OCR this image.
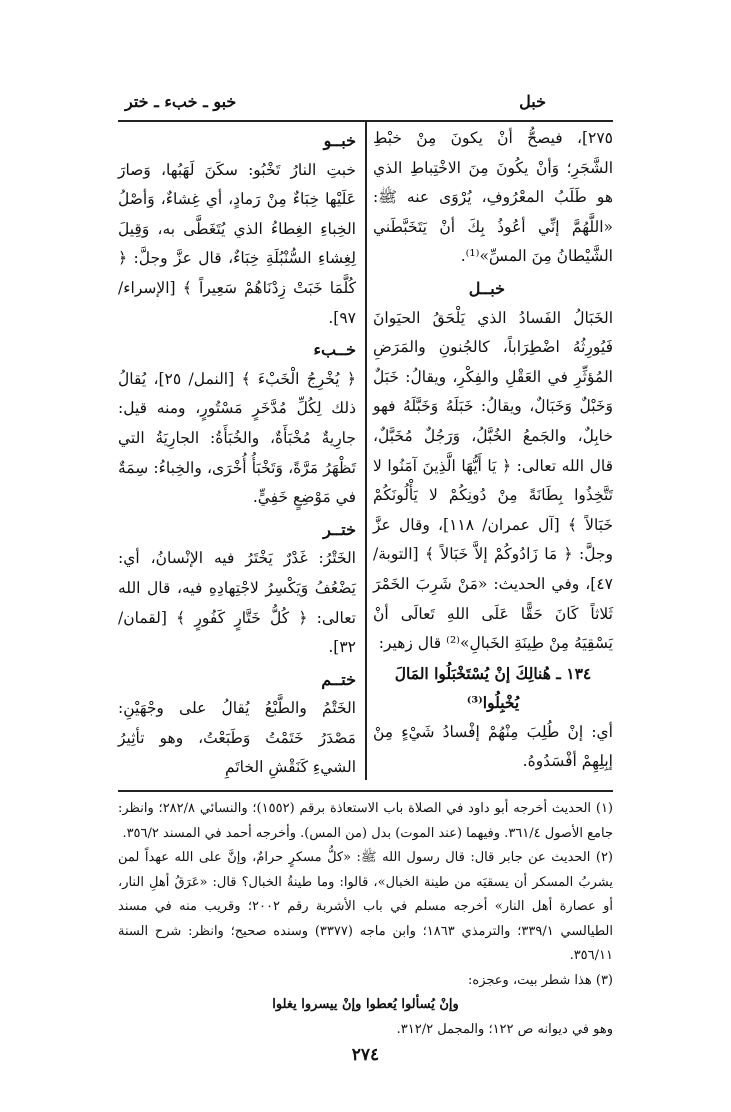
خبل
خبو ـ خبء ـ ختر

٢٧٥]، فيصحُّ أنْ يكونَ مِنْ خبْطِ الشَّجَرِ؛ وَأنْ يكُونَ مِنَ الاخْتِباطِ الذي هو طَلَبُ المعْرُوفِ، يُرْوَى عنه ﷺ: «اللَّهُمَّ إنِّي أعُوذُ بِكَ أنْ يَتَخَبَّطَني الشَّيْطانُ مِنَ المسِّ»⁽¹⁾.

خبــل

الخَبَالُ الفَسادُ الذي يَلْحَقُ الحيَوانَ فَيُورِثُهُ اضْطِرَاباً، كالجُنونِ والمَرَضِ المُؤثِّرِ في العَقْلِ والفِكْرِ، ويقالُ: خَبَلٌ وَخَبْلٌ وَخَبَالٌ، ويقالُ: خَبَلَهُ وَخَبَّلَهُ فهو خابِلٌ، والجَمعُ الخُبَّلُ، وَرَجُلٌ مُخَبَّلٌ، قال الله تعالى: ﴿ يَا أَيُّهَا الَّذِينَ آمَنُوا لا تَتَّخِذُوا بِطَانَةً مِنْ دُونِكُمْ لا يَأْلُونَكُمْ خَبَالاً ﴾ [آل عمران/ ١١٨]، وقال عزَّ وجلَّ: ﴿ مَا زَادُوكُمْ إلاَّ خَبَالاً ﴾ [التوبة/ ٤٧]، وفي الحديث: «مَنْ شَرِبَ الخَمْرَ ثَلاثاً كَانَ حَقًّا عَلَى اللهِ تَعالَى أنْ يَسْقِيَهُ مِنْ طِينَةِ الخَبالِ»⁽²⁾ قال زهير:

١٣٤ ـ هُنالِكَ إنْ يُسْتَخْبَلُوا المَالَ يُخْبِلُوا⁽³⁾

أي: إنْ طُلِبَ مِنْهُمْ إفْسادُ شَيْءٍ مِنْ إبِلِهِمْ أفْسَدُوهُ.

خبــو

خبتِ النارُ تَخْبُو: سكَنَ لَهَبُها، وَصارَ عَلَيْها خِبَاءٌ مِنْ رَمادٍ، أي غِشاءٌ، وَأصْلُ الخِباءِ الغِطاءُ الذي يُتَغَطَّى به، وَقِيلَ لِغِشاءِ السُّنْبُلَةِ خِبَاءٌ، قال عزَّ وجلَّ: ﴿ كُلَّمَا خَبَتْ زِدْنَاهُمْ سَعِيراً ﴾ [الإسراء/ ٩٧].

خــبء

﴿ يُخْرِجُ الْخَبْءَ ﴾ [النمل/ ٢٥]، يُقالُ ذلك لِكُلِّ مُدَّخَرٍ مَسْتُورٍ، ومنه قيل: جارِيةٌ مُخْبَأَةٌ، والخُبَأَةُ: الجارِيَةُ التي تَظْهَرُ مَرَّةً، وَتَخْبَأُ أُخْرَى، والخِباءُ: سِمَةٌ في مَوْضِعٍ خَفِيٍّ.

ختــر

الخَتْرُ: غَدْرٌ يَخْتَرُ فيه الإنْسانُ، أي: يَضْعُفُ وَيَكْسِرُ لاجْتِهادِهِ فيه، قال الله تعالى: ﴿ كُلُّ خَتَّارٍ كَفُورٍ ﴾ [لقمان/ ٣٢].

ختــم

الخَتْمُ والطَّبْعُ يُقالُ على وجْهَيْنِ: مَصْدَرُ خَتَمْتُ وَطَبَعْتُ، وهو تأثِيرُ الشيءِ كَنَقْشِ الخاتَمِ

(١) الحديث أخرجه أبو داود في الصلاة باب الاستعاذة برقم (١٥٥٢)؛ والنسائي ٢٨٢/٨؛ وانظر: جامع الأصول ٣٦١/٤. وفيهما (عند الموت) بدل (من المس). وأخرجه أحمد في المسند ٣٥٦/٢.

(٢) الحديث عن جابر قال: قال رسول الله ﷺ: «كلُّ مسكرٍ حرامٌ، وإنَّ على الله عهداً لمن يشربُ المسكر أن يسقيَه من طينة الخبال»، قالوا: وما طينةُ الخبال؟ قال: «عَرَقُ أهلِ النار، أو عصارة أهل النار» أخرجه مسلم في باب الأشربة رقم ٢٠٠٢؛ وقريب منه في مسند الطيالسي ٣٣٩/١؛ والترمذي ١٨٦٣؛ وابن ماجه (٣٣٧٧) وسنده صحيح؛ وانظر: شرح السنة ٣٥٦/١١.

(٣) هذا شطر بيت، وعجزه:

وإنْ يُسألوا يُعطوا وإنْ ييسروا يغلوا

وهو في ديوانه ص ١٢٢؛ والمجمل ٣١٢/٢.

٢٧٤
